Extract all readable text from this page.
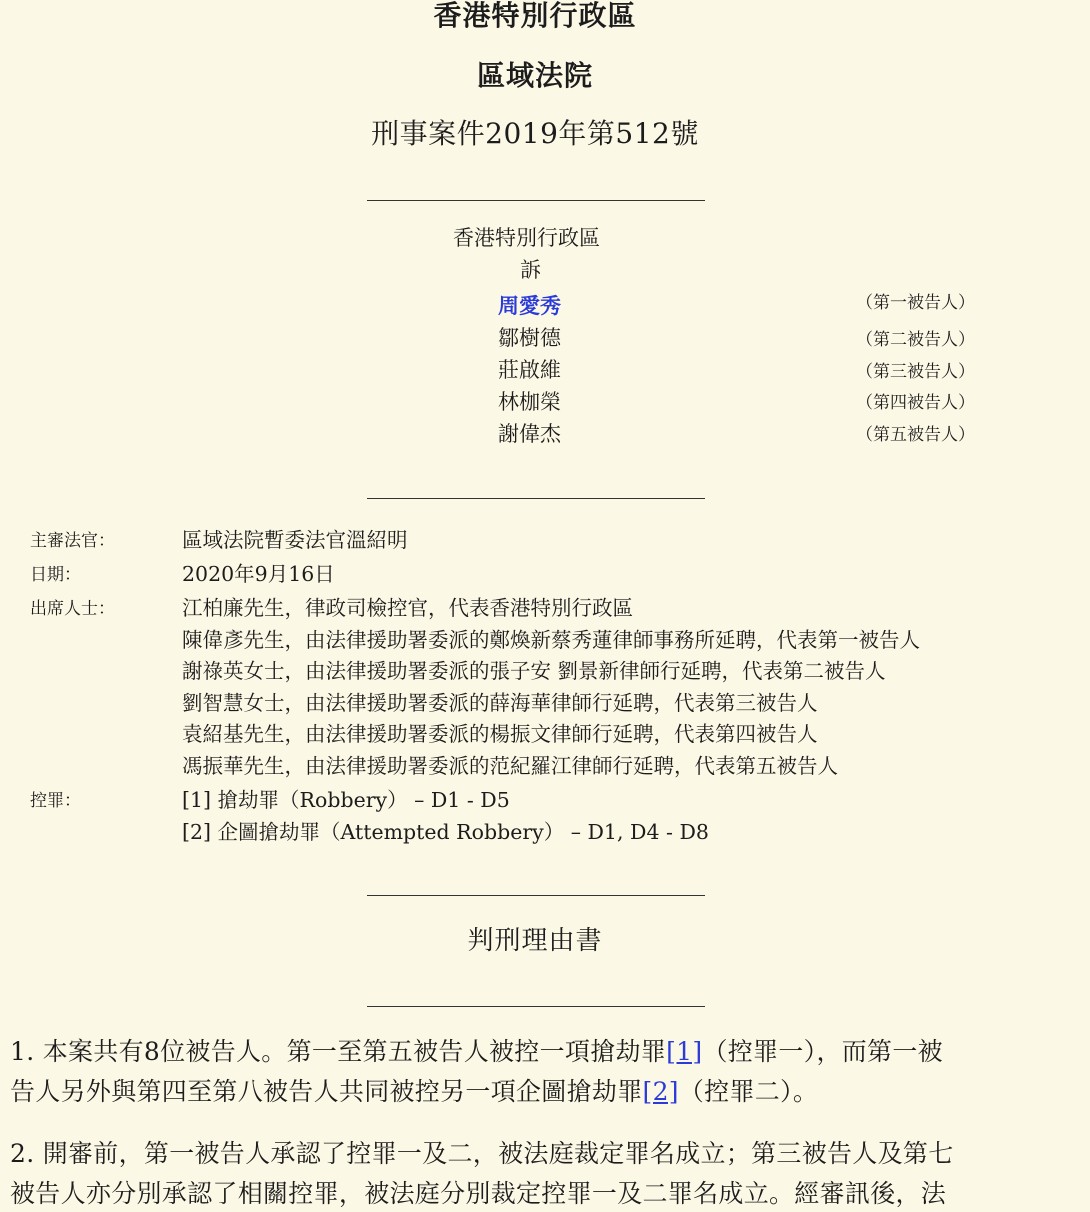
香港特別行政區
區域法院
刑事案件2019年第512號
香港特別行政區
訴
周愛秀	（第一被告人）
鄒樹德	（第二被告人）
莊啟維	（第三被告人）
林枷榮	（第四被告人）
謝偉杰	（第五被告人）
主審法官：	區域法院暫委法官溫紹明
日期：	2020年9月16日
出席人士：	江柏廉先生，律政司檢控官，代表香港特別行政區
陳偉彥先生，由法律援助署委派的鄭煥新蔡秀蓮律師事務所延聘，代表第一被告人
謝祿英女士，由法律援助署委派的張子安 劉景新律師行延聘，代表第二被告人
劉智慧女士，由法律援助署委派的薛海華律師行延聘，代表第三被告人
袁紹基先生，由法律援助署委派的楊振文律師行延聘，代表第四被告人
馮振華先生，由法律援助署委派的范紀羅江律師行延聘，代表第五被告人
控罪：	[1] 搶劫罪（Robbery） – D1 - D5
[2] 企圖搶劫罪（Attempted Robbery） – D1, D4 - D8
判刑理由書
1. 本案共有8位被告人。第一至第五被告人被控一項搶劫罪[1]（控罪一），而第一被
告人另外與第四至第八被告人共同被控另一項企圖搶劫罪[2]（控罪二）。
2. 開審前，第一被告人承認了控罪一及二，被法庭裁定罪名成立；第三被告人及第七
被告人亦分別承認了相關控罪，被法庭分別裁定控罪一及二罪名成立。經審訊後，法
